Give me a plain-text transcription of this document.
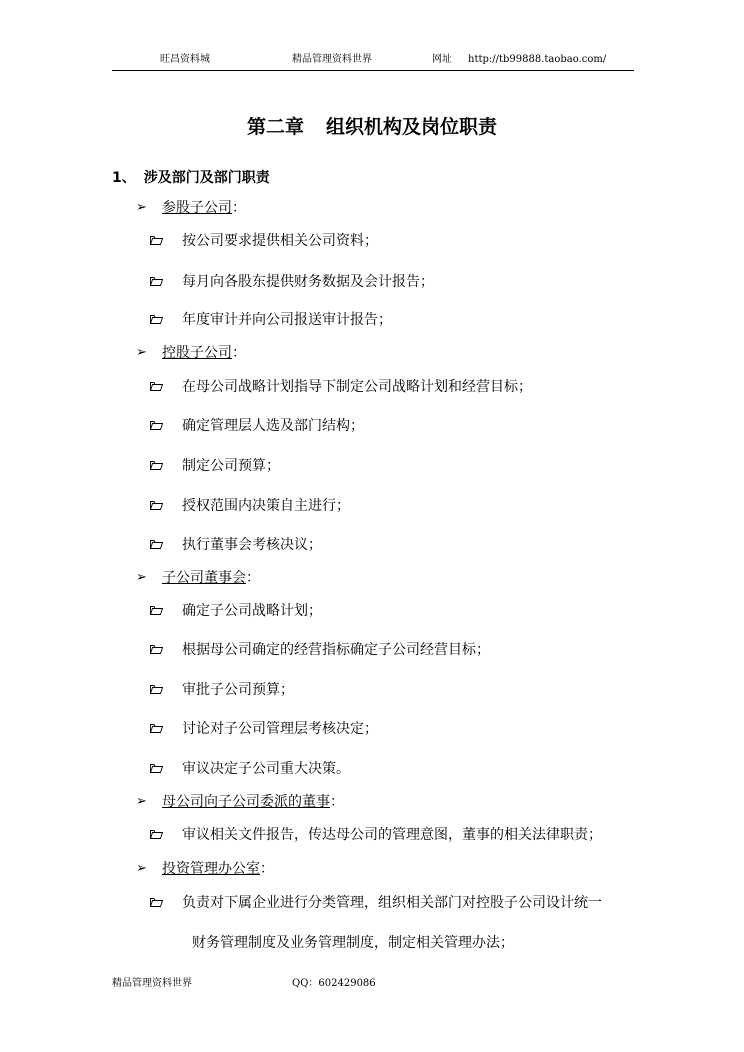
旺昌资料城	精品管理资料世界	网址 http://tb99888.taobao.com/
第二章 组织机构及岗位职责
1、 涉及部门及部门职责
➢ 参股子公司：
按公司要求提供相关公司资料；
每月向各股东提供财务数据及会计报告；
年度审计并向公司报送审计报告；
➢ 控股子公司：
在母公司战略计划指导下制定公司战略计划和经营目标；
确定管理层人选及部门结构；
制定公司预算；
授权范围内决策自主进行；
执行董事会考核决议；
➢ 子公司董事会：
确定子公司战略计划；
根据母公司确定的经营指标确定子公司经营目标；
审批子公司预算；
讨论对子公司管理层考核决定；
审议决定子公司重大决策。
➢ 母公司向子公司委派的董事：
审议相关文件报告，传达母公司的管理意图，董事的相关法律职责；
➢ 投资管理办公室：
负责对下属企业进行分类管理，组织相关部门对控股子公司设计统一
财务管理制度及业务管理制度，制定相关管理办法；
精品管理资料世界	QQ：602429086
